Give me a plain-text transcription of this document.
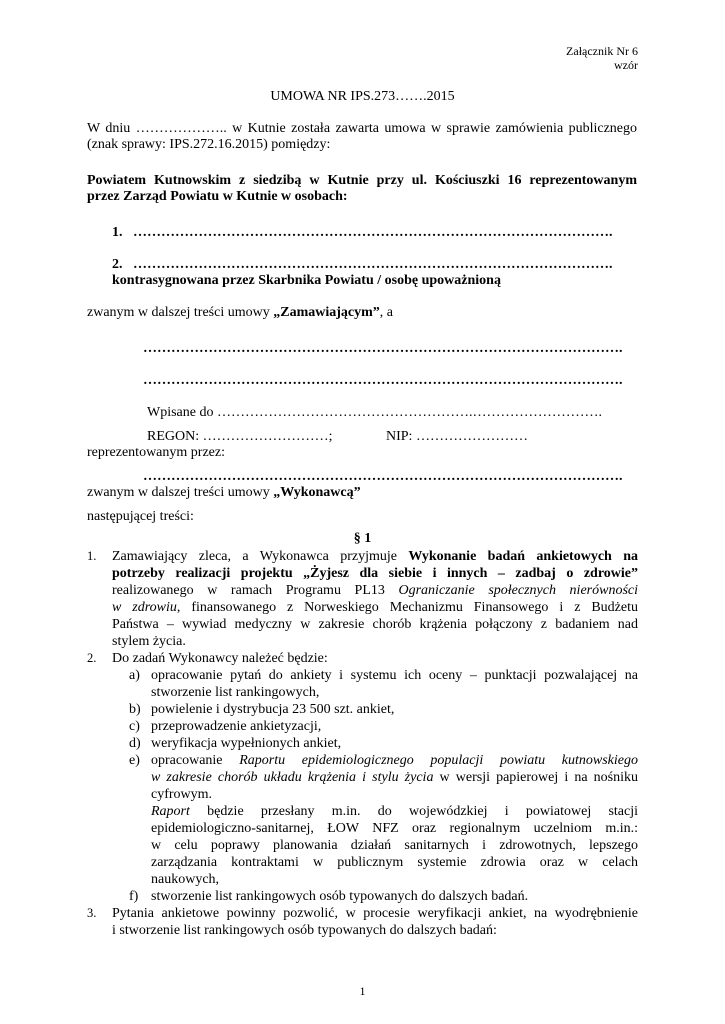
Załącznik Nr 6
wzór
UMOWA NR IPS.273…….2015
W dniu ……………….. w Kutnie została zawarta umowa w sprawie zamówienia publicznego
(znak sprawy: IPS.272.16.2015) pomiędzy:
Powiatem Kutnowskim z siedzibą w Kutnie przy ul. Kościuszki 16 reprezentowanym
przez Zarząd Powiatu w Kutnie w osobach:
1. ………………………………………………………………………………………….
2. ………………………………………………………………………………………….
kontrasygnowana przez Skarbnika Powiatu / osobę upoważnioną
zwanym w dalszej treści umowy „Zamawiającym”, a
………………………………………………………………………………………….
………………………………………………………………………………………….
Wpisane do ……………………………………………….……………………….
REGON: ………………………;	NIP: ……………………
reprezentowanym przez:
………………………………………………………………………………………….
zwanym w dalszej treści umowy „Wykonawcą”
następującej treści:
§ 1
1. Zamawiający zleca, a Wykonawca przyjmuje Wykonanie badań ankietowych na
potrzeby realizacji projektu „Żyjesz dla siebie i innych – zadbaj o zdrowie”
realizowanego w ramach Programu PL13 Ograniczanie społecznych nierówności
w zdrowiu, finansowanego z Norweskiego Mechanizmu Finansowego i z Budżetu
Państwa – wywiad medyczny w zakresie chorób krążenia połączony z badaniem nad
stylem życia.
2. Do zadań Wykonawcy należeć będzie:
a) opracowanie pytań do ankiety i systemu ich oceny – punktacji pozwalającej na
stworzenie list rankingowych,
b) powielenie i dystrybucja 23 500 szt. ankiet,
c) przeprowadzenie ankietyzacji,
d) weryfikacja wypełnionych ankiet,
e) opracowanie Raportu epidemiologicznego populacji powiatu kutnowskiego
w zakresie chorób układu krążenia i stylu życia w wersji papierowej i na nośniku
cyfrowym.
Raport będzie przesłany m.in. do wojewódzkiej i powiatowej stacji
epidemiologiczno-sanitarnej, ŁOW NFZ oraz regionalnym uczelniom m.in.:
w celu poprawy planowania działań sanitarnych i zdrowotnych, lepszego
zarządzania kontraktami w publicznym systemie zdrowia oraz w celach
naukowych,
f) stworzenie list rankingowych osób typowanych do dalszych badań.
3. Pytania ankietowe powinny pozwolić, w procesie weryfikacji ankiet, na wyodrębnienie
i stworzenie list rankingowych osób typowanych do dalszych badań:
1
